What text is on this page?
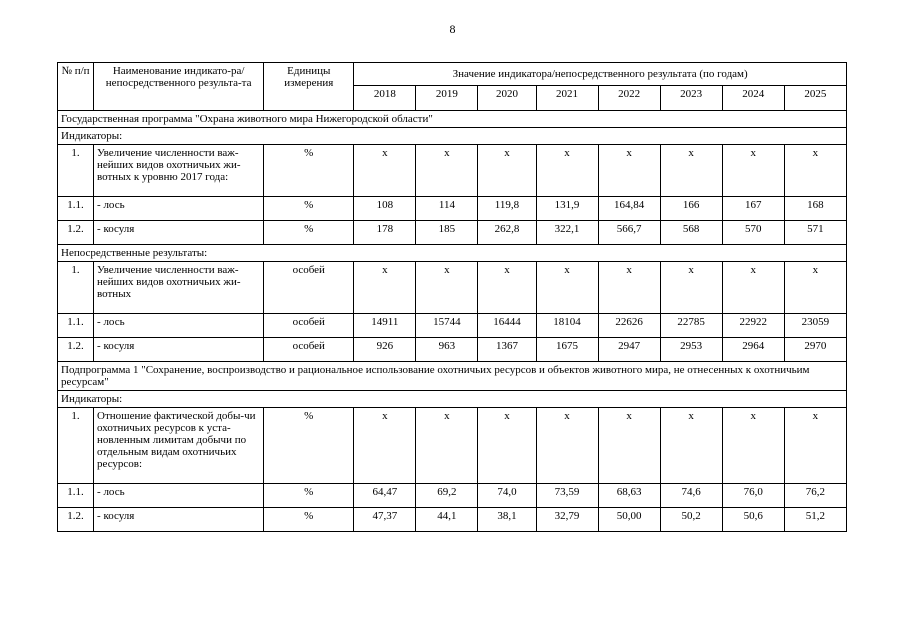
8
№ п/п	Наименование индикато-ра/непосредственного результа-та	Единицы измерения	Значение индикатора/непосредственного результата (по годам)							
			2018	2019	2020	2021	2022	2023	2024	2025
Государственная программа "Охрана животного мира Нижегородской области"										
Индикаторы:										
1.	Увеличение численности важ-нейших видов охотничьих жи-вотных к уровню 2017 года:	%	x	x	x	x	x	x	x	x
1.1.	- лось	%	108	114	119,8	131,9	164,84	166	167	168
1.2.	- косуля	%	178	185	262,8	322,1	566,7	568	570	571
Непосредственные результаты:										
1.	Увеличение численности важ-нейших видов охотничьих жи-вотных	особей	x	x	x	x	x	x	x	x
1.1.	- лось	особей	14911	15744	16444	18104	22626	22785	22922	23059
1.2.	- косуля	особей	926	963	1367	1675	2947	2953	2964	2970
Подпрограмма 1 "Сохранение, воспроизводство и рациональное использование охотничьих ресурсов и объектов животного мира, не отнесенных к охотничьим ресурсам"										
Индикаторы:										
1.	Отношение фактической добы-чи охотничьих ресурсов к уста-новленным лимитам добычи по отдельным видам охотничьих ресурсов:	%	x	x	x	x	x	x	x	x
1.1.	- лось	%	64,47	69,2	74,0	73,59	68,63	74,6	76,0	76,2
1.2.	- косуля	%	47,37	44,1	38,1	32,79	50,00	50,2	50,6	51,2
